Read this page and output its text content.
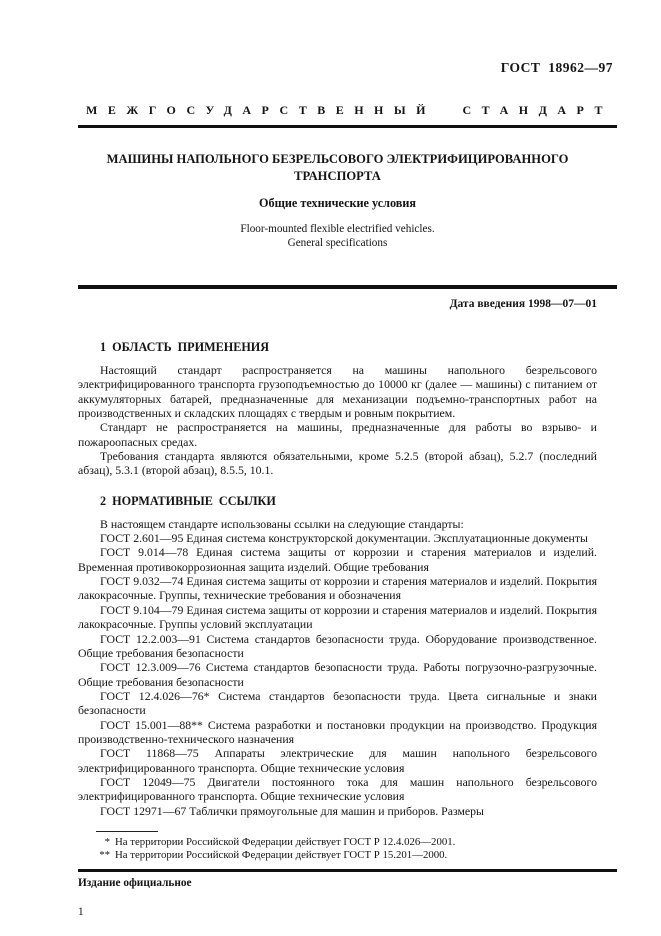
ГОСТ 18962—97
МЕЖГОСУДАРСТВЕННЫЙ СТАНДАРТ
МАШИНЫ НАПОЛЬНОГО БЕЗРЕЛЬСОВОГО ЭЛЕКТРИФИЦИРОВАННОГО ТРАНСПОРТА
Общие технические условия
Floor-mounted flexible electrified vehicles.
General specifications
Дата введения 1998—07—01
1 ОБЛАСТЬ ПРИМЕНЕНИЯ

Настоящий стандарт распространяется на машины напольного безрельсового электрифицированного транспорта грузоподъемностью до 10000 кг (далее — машины) с питанием от аккумуляторных батарей, предназначенные для механизации подъемно-транспортных работ на производственных и складских площадях с твердым и ровным покрытием.

Стандарт не распространяется на машины, предназначенные для работы во взрыво- и пожароопасных средах.

Требования стандарта являются обязательными, кроме 5.2.5 (второй абзац), 5.2.7 (последний абзац), 5.3.1 (второй абзац), 8.5.5, 10.1.

2 НОРМАТИВНЫЕ ССЫЛКИ

В настоящем стандарте использованы ссылки на следующие стандарты:

ГОСТ 2.601—95 Единая система конструкторской документации. Эксплуатационные документы

ГОСТ 9.014—78 Единая система защиты от коррозии и старения материалов и изделий. Временная противокоррозионная защита изделий. Общие требования

ГОСТ 9.032—74 Единая система защиты от коррозии и старения материалов и изделий. Покрытия лакокрасочные. Группы, технические требования и обозначения

ГОСТ 9.104—79 Единая система защиты от коррозии и старения материалов и изделий. Покрытия лакокрасочные. Группы условий эксплуатации

ГОСТ 12.2.003—91 Система стандартов безопасности труда. Оборудование производственное. Общие требования безопасности

ГОСТ 12.3.009—76 Система стандартов безопасности труда. Работы погрузочно-разгрузочные. Общие требования безопасности

ГОСТ 12.4.026—76* Система стандартов безопасности труда. Цвета сигнальные и знаки безопасности

ГОСТ 15.001—88** Система разработки и постановки продукции на производство. Продукция производственно-технического назначения

ГОСТ 11868—75 Аппараты электрические для машин напольного безрельсового электрифицированного транспорта. Общие технические условия

ГОСТ 12049—75 Двигатели постоянного тока для машин напольного безрельсового электрифицированного транспорта. Общие технические условия

ГОСТ 12971—67 Таблички прямоугольные для машин и приборов. Размеры

* На территории Российской Федерации действует ГОСТ Р 12.4.026—2001.
** На территории Российской Федерации действует ГОСТ Р 15.201—2000.
Издание официальное
1
